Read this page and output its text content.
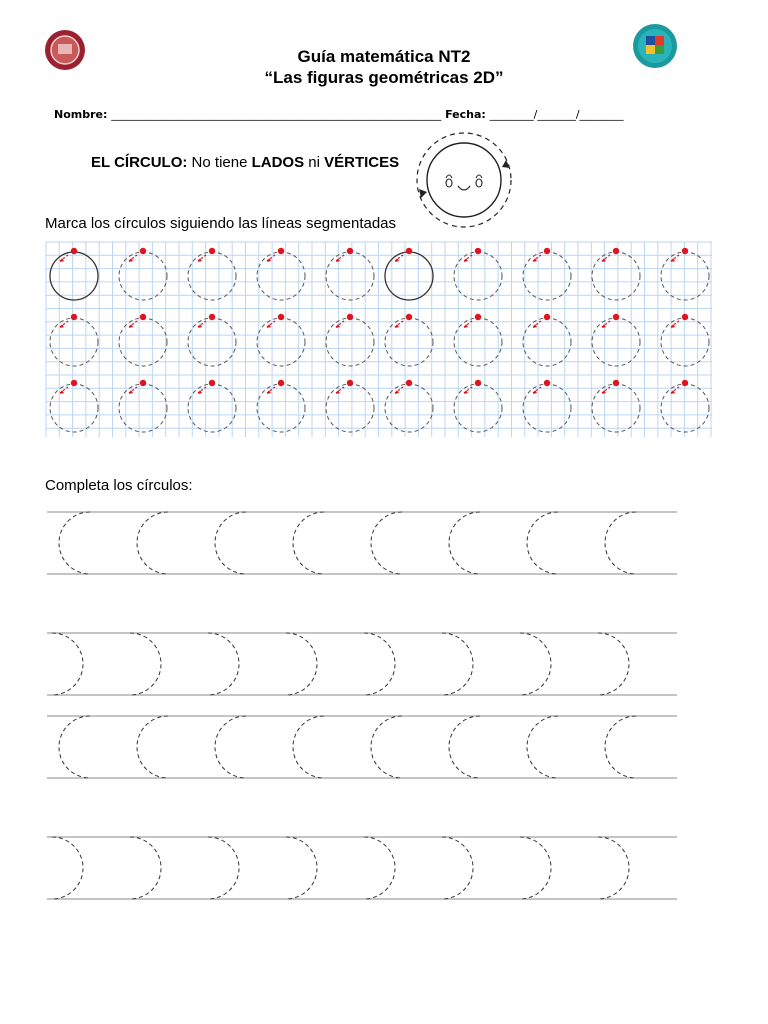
Guía matemática NT2
“Las figuras geométricas 2D”
Nombre: ____________________________________________________________ Fecha: ________/_______/________
EL CÍRCULO: No tiene LADOS ni VÉRTICES
Marca los círculos siguiendo las líneas segmentadas
Completa los círculos:
